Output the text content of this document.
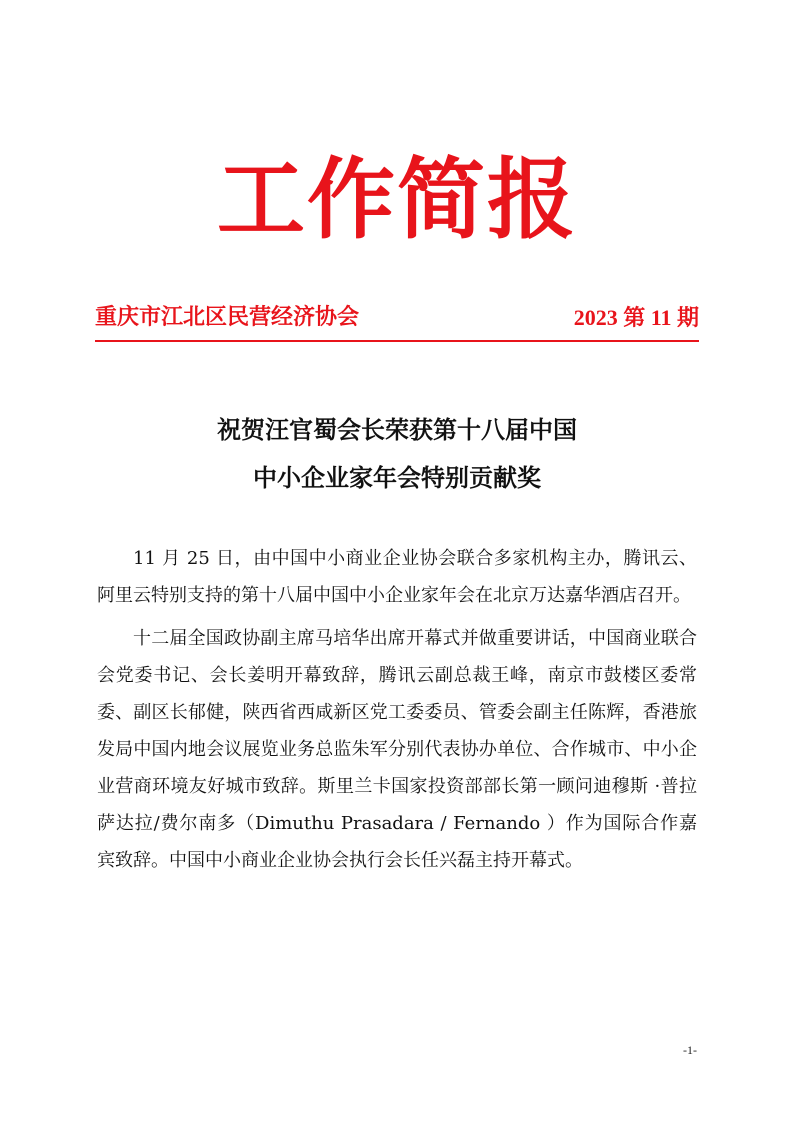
工作简报
重庆市江北区民营经济协会	2023 第 11 期
祝贺汪官蜀会长荣获第十八届中国
中小企业家年会特别贡献奖

11 月 25 日，由中国中小商业企业协会联合多家机构主办，腾讯云、阿里云特别支持的第十八届中国中小企业家年会在北京万达嘉华酒店召开。

十二届全国政协副主席马培华出席开幕式并做重要讲话，中国商业联合会党委书记、会长姜明开幕致辞，腾讯云副总裁王峰，南京市鼓楼区委常委、副区长郁健，陕西省西咸新区党工委委员、管委会副主任陈辉，香港旅发局中国内地会议展览业务总监朱军分别代表协办单位、合作城市、中小企业营商环境友好城市致辞。斯里兰卡国家投资部部长第一顾问迪穆斯 ·普拉萨达拉/费尔南多（Dimuthu Prasadara / Fernando ）作为国际合作嘉宾致辞。中国中小商业企业协会执行会长任兴磊主持开幕式。

-1-
